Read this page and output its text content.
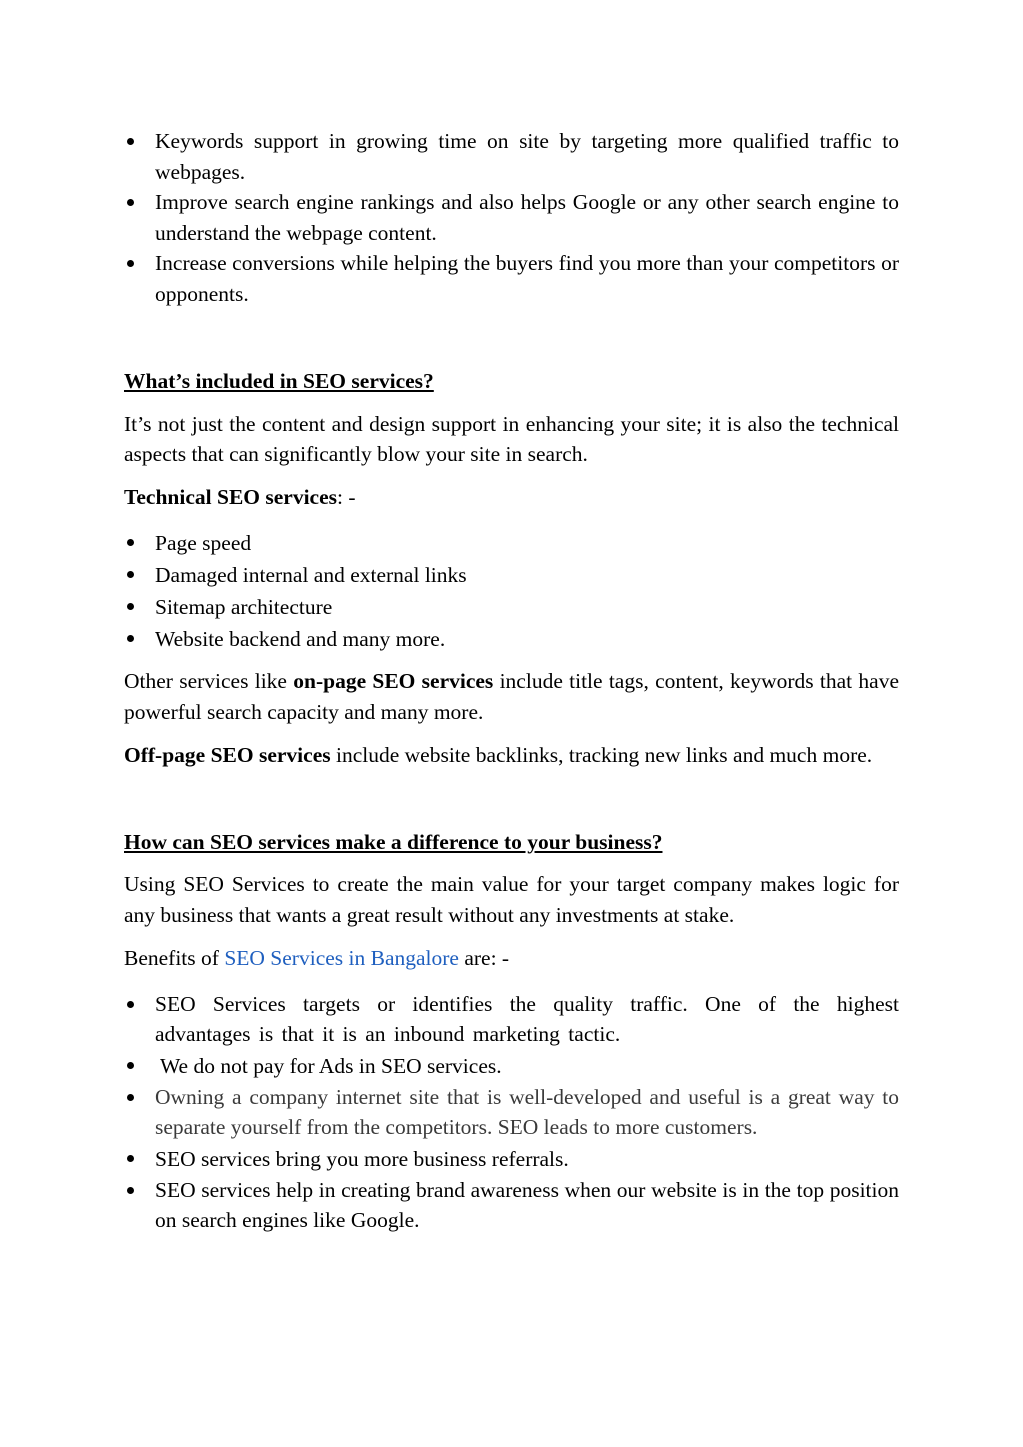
Keywords support in growing time on site by targeting more qualified traffic to webpages.
Improve search engine rankings and also helps Google or any other search engine to understand the webpage content.
Increase conversions while helping the buyers find you more than your competitors or opponents.
What’s included in SEO services?

It’s not just the content and design support in enhancing your site; it is also the technical aspects that can significantly blow your site in search.

Technical SEO services: -

Page speed
Damaged internal and external links
Sitemap architecture
Website backend and many more.

Other services like on-page SEO services include title tags, content, keywords that have powerful search capacity and many more.

Off-page SEO services include website backlinks, tracking new links and much more.

How can SEO services make a difference to your business?

Using SEO Services to create the main value for your target company makes logic for any business that wants a great result without any investments at stake.

Benefits of SEO Services in Bangalore are: -

SEO Services targets or identifies the quality traffic. One of the highest advantages is that it is an inbound marketing tactic.
We do not pay for Ads in SEO services.
Owning a company internet site that is well-developed and useful is a great way to separate yourself from the competitors. SEO leads to more customers.
SEO services bring you more business referrals.
SEO services help in creating brand awareness when our website is in the top position on search engines like Google.
